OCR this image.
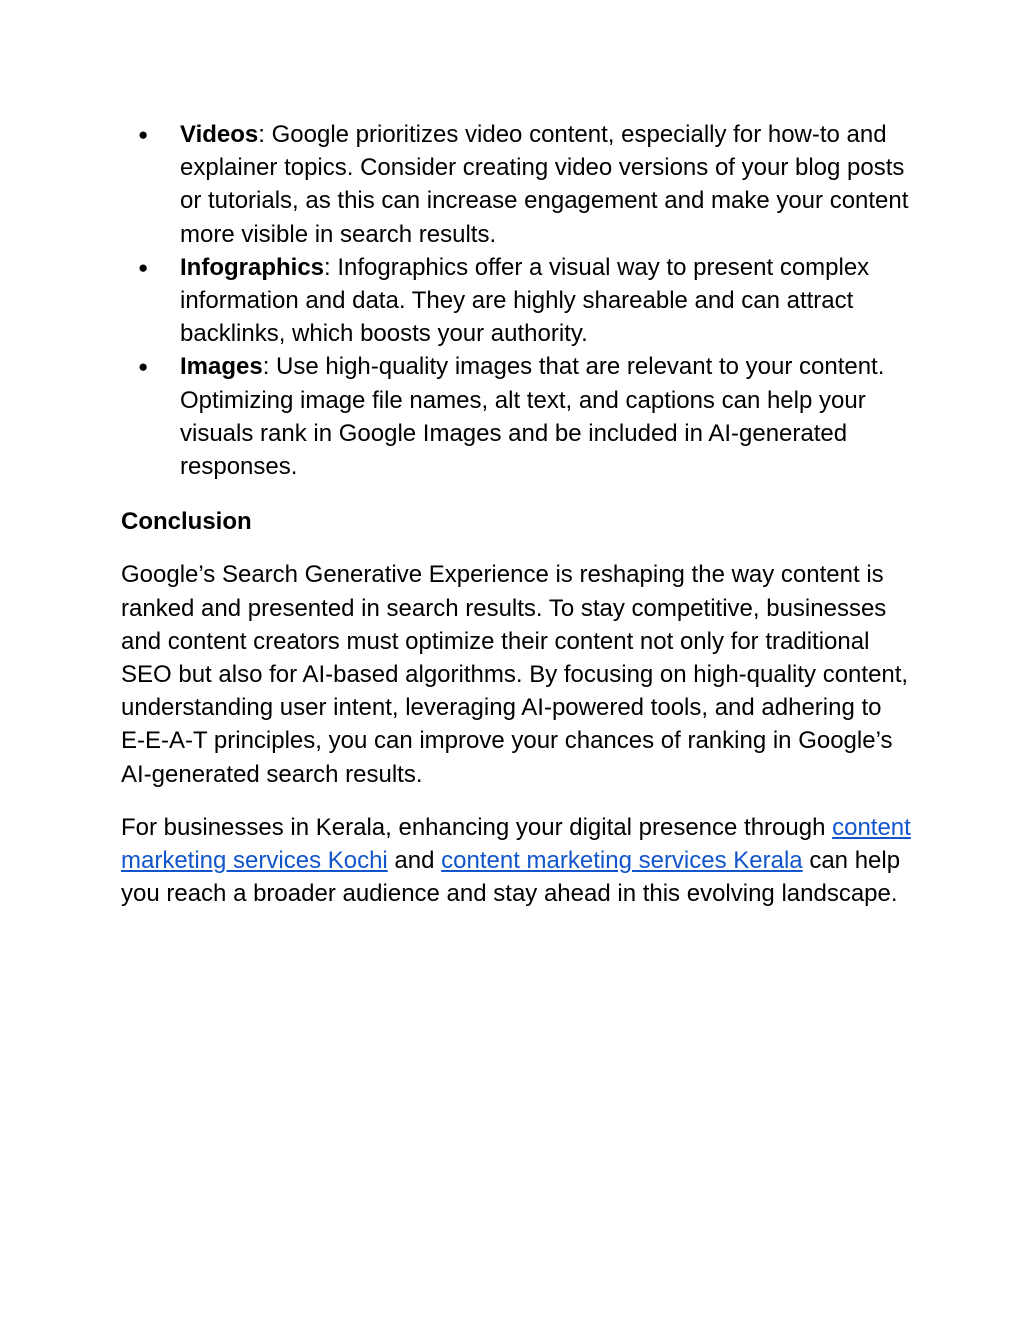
● Videos: Google prioritizes video content, especially for how-to and explainer topics. Consider creating video versions of your blog posts or tutorials, as this can increase engagement and make your content more visible in search results.
● Infographics: Infographics offer a visual way to present complex information and data. They are highly shareable and can attract backlinks, which boosts your authority.
● Images: Use high-quality images that are relevant to your content. Optimizing image file names, alt text, and captions can help your visuals rank in Google Images and be included in AI-generated responses.
Conclusion

Google’s Search Generative Experience is reshaping the way content is ranked and presented in search results. To stay competitive, businesses and content creators must optimize their content not only for traditional SEO but also for AI-based algorithms. By focusing on high-quality content, understanding user intent, leveraging AI-powered tools, and adhering to E-E-A-T principles, you can improve your chances of ranking in Google’s AI-generated search results.

For businesses in Kerala, enhancing your digital presence through content marketing services Kochi and content marketing services Kerala can help you reach a broader audience and stay ahead in this evolving landscape.
